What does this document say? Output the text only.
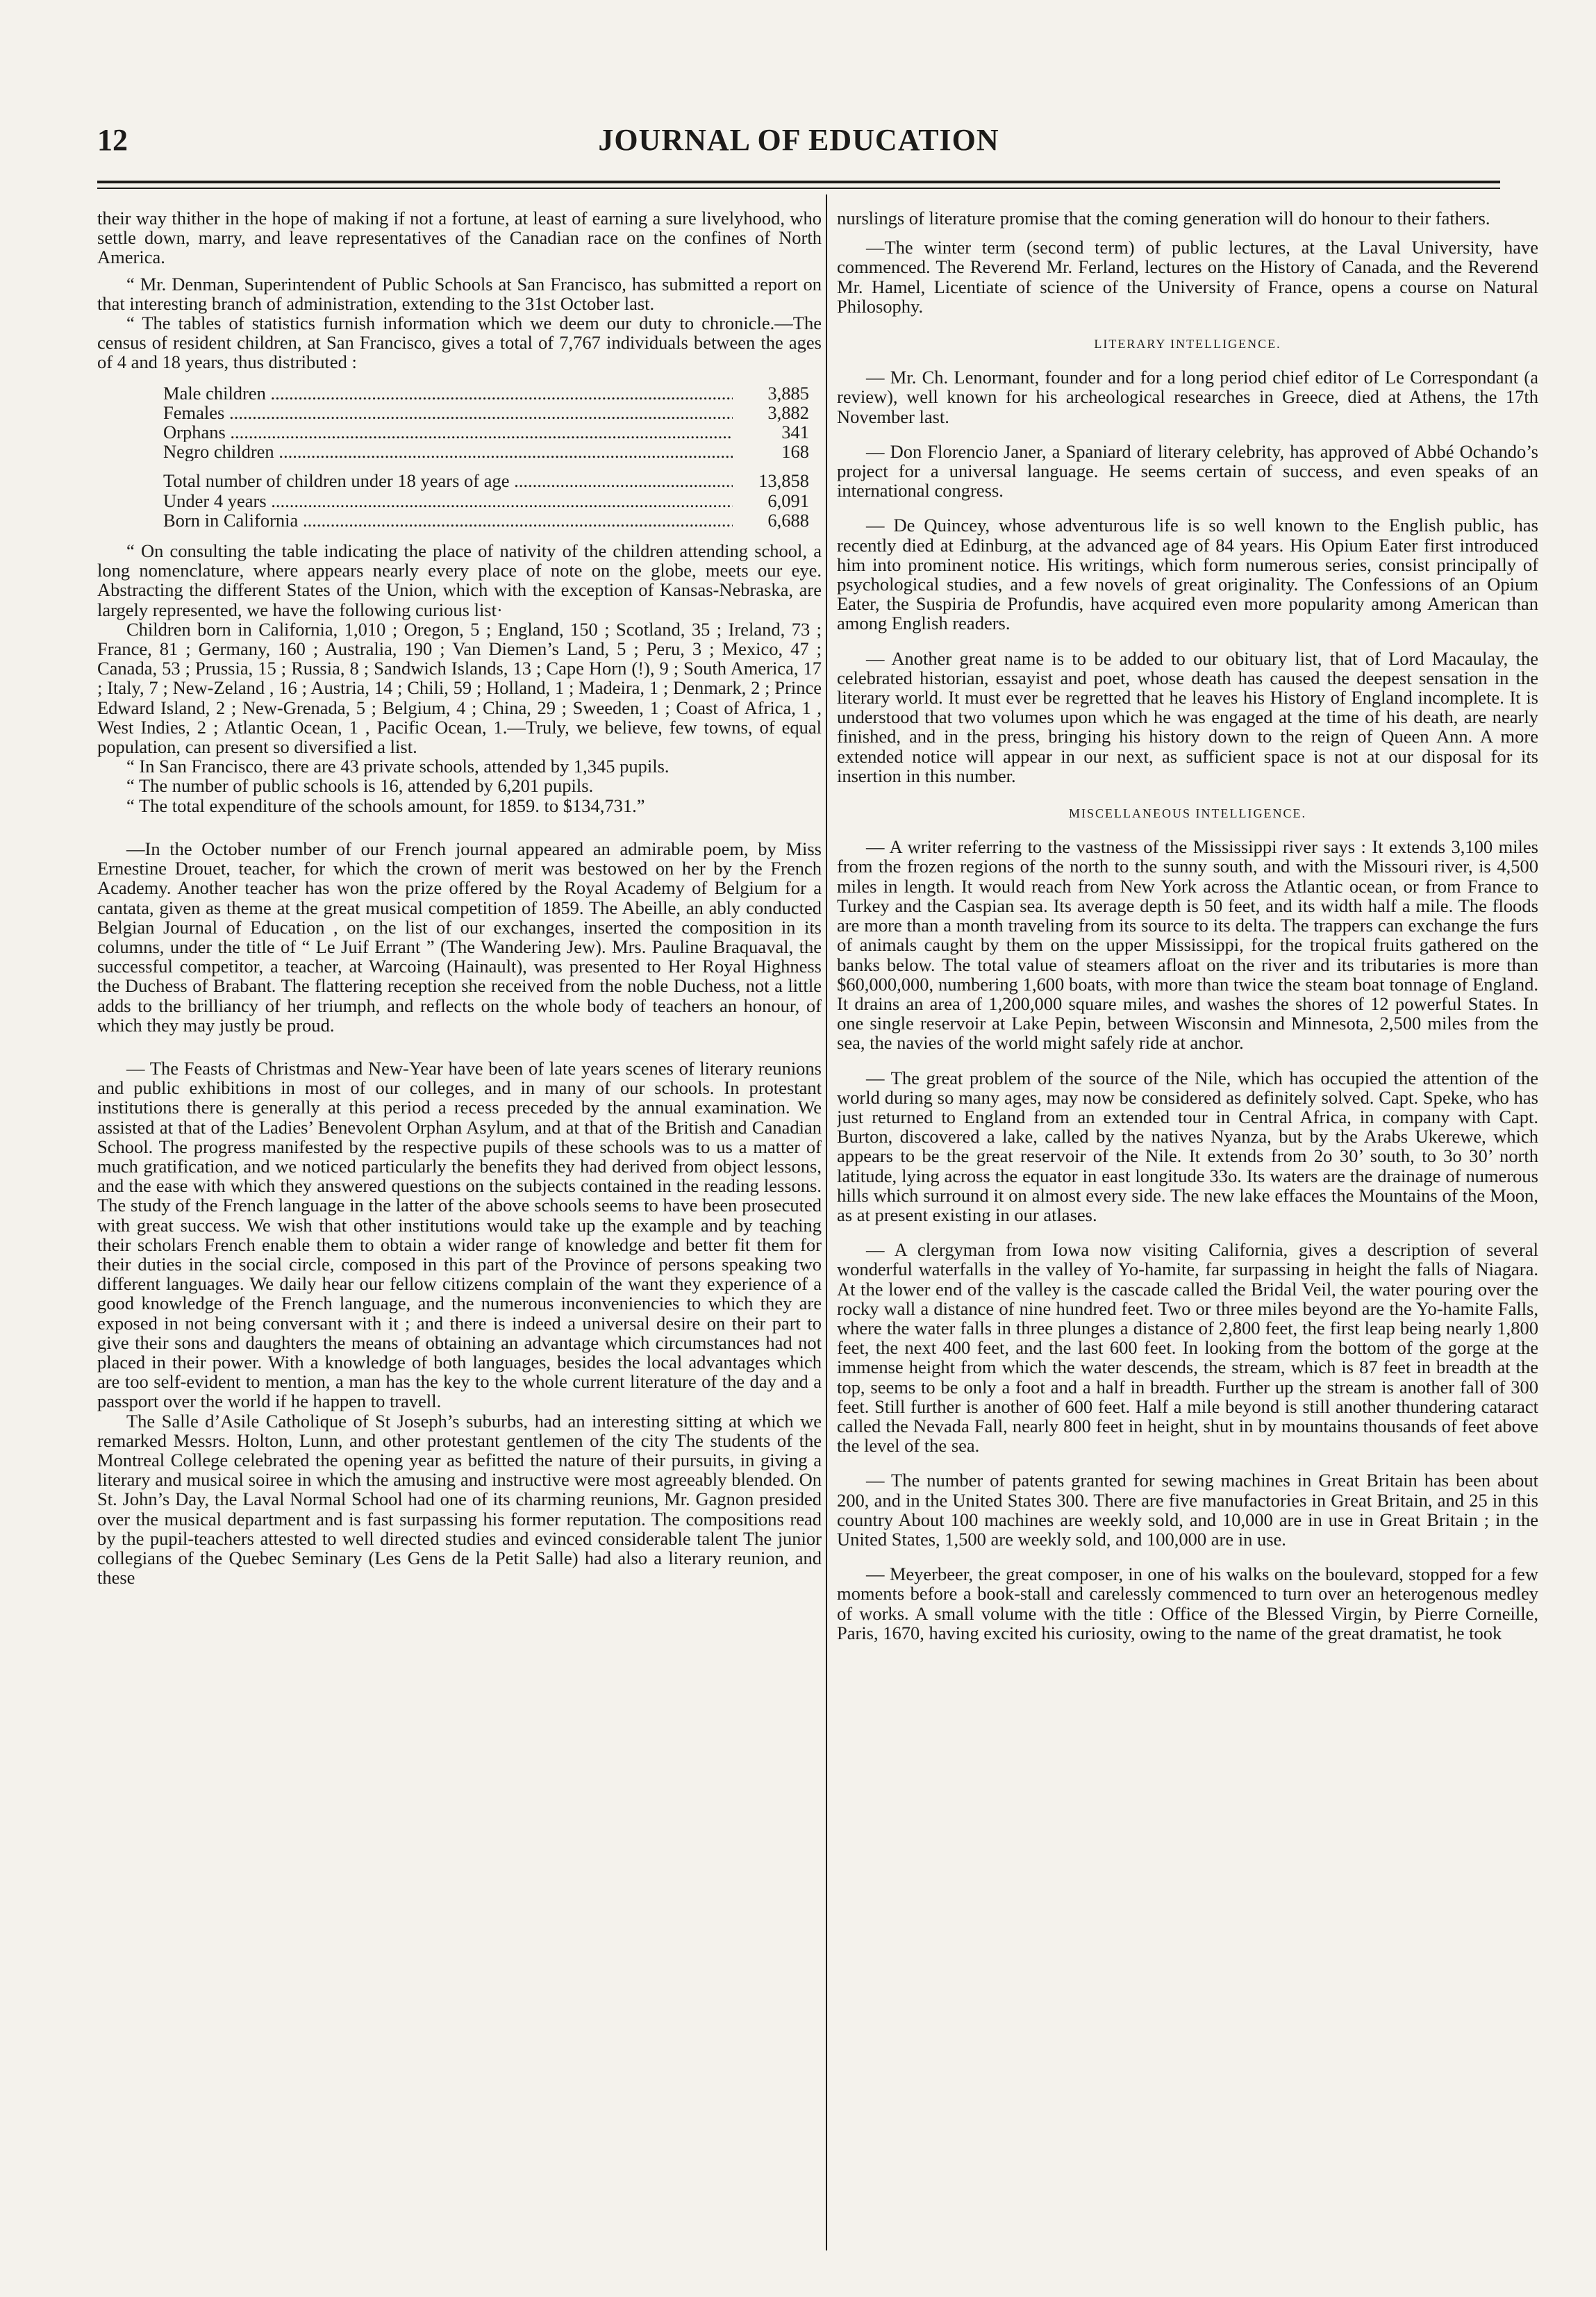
JOURNAL OF EDUCATION
12

their way thither in the hope of making if not a fortune, at least of earning a sure livelyhood, who settle down, marry, and leave representatives of the Canadian race on the confines of North America.

“ Mr. Denman, Superintendent of Public Schools at San Francisco, has submitted a report on that interesting branch of administration, extending to the 31st October last.

“ The tables of statistics furnish information which we deem our duty to chronicle.—The census of resident children, at San Francisco, gives a total of 7,767 individuals between the ages of 4 and 18 years, thus distributed :

Male children .....	3,885
Females .....	3,882
Orphans .....	341
Negro children .....	168
Total number of children under 18 years of age .....	13,858
Under 4 years .....	6,091
Born in California .....	6,688

“ On consulting the table indicating the place of nativity of the children attending school, a long nomenclature, where appears nearly every place of note on the globe, meets our eye. Abstracting the different States of the Union, which with the exception of Kansas-Nebraska, are largely represented, we have the following curious list·

Children born in California, 1,010 ; Oregon, 5 ; England, 150 ; Scotland, 35 ; Ireland, 73 ; France, 81 ; Germany, 160 ; Australia, 190 ; Van Diemen’s Land, 5 ; Peru, 3 ; Mexico, 47 ; Canada, 53 ; Prussia, 15 ; Russia, 8 ; Sandwich Islands, 13 ; Cape Horn (!), 9 ; South America, 17 ; Italy, 7 ; New-Zeland , 16 ; Austria, 14 ; Chili, 59 ; Holland, 1 ; Madeira, 1 ; Denmark, 2 ; Prince Edward Island, 2 ; New-Grenada, 5 ; Belgium, 4 ; China, 29 ; Sweeden, 1 ; Coast of Africa, 1 , West Indies, 2 ; Atlantic Ocean, 1 , Pacific Ocean, 1.—Truly, we believe, few towns, of equal population, can present so diversified a list.

“ In San Francisco, there are 43 private schools, attended by 1,345 pupils.

“ The number of public schools is 16, attended by 6,201 pupils.

“ The total expenditure of the schools amount, for 1859. to $134,731.”

—In the October number of our French journal appeared an admirable poem, by Miss Ernestine Drouet, teacher, for which the crown of merit was bestowed on her by the French Academy. Another teacher has won the prize offered by the Royal Academy of Belgium for a cantata, given as theme at the great musical competition of 1859. The Abeille, an ably conducted Belgian Journal of Education , on the list of our exchanges, inserted the composition in its columns, under the title of “ Le Juif Errant ” (The Wandering Jew). Mrs. Pauline Braquaval, the successful competitor, a teacher, at Warcoing (Hainault), was presented to Her Royal Highness the Duchess of Brabant. The flattering reception she received from the noble Duchess, not a little adds to the brilliancy of her triumph, and reflects on the whole body of teachers an honour, of which they may justly be proud.

— The Feasts of Christmas and New-Year have been of late years scenes of literary reunions and public exhibitions in most of our colleges, and in many of our schools. In protestant institutions there is generally at this period a recess preceded by the annual examination. We assisted at that of the Ladies’ Benevolent Orphan Asylum, and at that of the British and Canadian School. The progress manifested by the respective pupils of these schools was to us a matter of much gratification, and we noticed particularly the benefits they had derived from object lessons, and the ease with which they answered questions on the subjects contained in the reading lessons. The study of the French language in the latter of the above schools seems to have been prosecuted with great success. We wish that other institutions would take up the example and by teaching their scholars French enable them to obtain a wider range of knowledge and better fit them for their duties in the social circle, composed in this part of the Province of persons speaking two different languages. We daily hear our fellow citizens complain of the want they experience of a good knowledge of the French language, and the numerous inconveniencies to which they are exposed in not being conversant with it ; and there is indeed a universal desire on their part to give their sons and daughters the means of obtaining an advantage which circumstances had not placed in their power. With a knowledge of both languages, besides the local advantages which are too self-evident to mention, a man has the key to the whole current literature of the day and a passport over the world if he happen to travell.

The Salle d’Asile Catholique of St Joseph’s suburbs, had an interesting sitting at which we remarked Messrs. Holton, Lunn, and other protestant gentlemen of the city The students of the Montreal College celebrated the opening year as befitted the nature of their pursuits, in giving a literary and musical soiree in which the amusing and instructive were most agreeably blended. On St. John’s Day, the Laval Normal School had one of its charming reunions, Mr. Gagnon presided over the musical department and is fast surpassing his former reputation. The compositions read by the pupil-teachers attested to well directed studies and evinced considerable talent The junior collegians of the Quebec Seminary (Les Gens de la Petit Salle) had also a literary reunion, and these

nurslings of literature promise that the coming generation will do honour to their fathers.

—The winter term (second term) of public lectures, at the Laval University, have commenced. The Reverend Mr. Ferland, lectures on the History of Canada, and the Reverend Mr. Hamel, Licentiate of science of the University of France, opens a course on Natural Philosophy.

LITERARY INTELLIGENCE.

— Mr. Ch. Lenormant, founder and for a long period chief editor of Le Correspondant (a review), well known for his archeological researches in Greece, died at Athens, the 17th November last.

— Don Florencio Janer, a Spaniard of literary celebrity, has approved of Abbé Ochando’s project for a universal language. He seems certain of success, and even speaks of an international congress.

— De Quincey, whose adventurous life is so well known to the English public, has recently died at Edinburg, at the advanced age of 84 years. His Opium Eater first introduced him into prominent notice. His writings, which form numerous series, consist principally of psychological studies, and a few novels of great originality. The Confessions of an Opium Eater, the Suspiria de Profundis, have acquired even more popularity among American than among English readers.

— Another great name is to be added to our obituary list, that of Lord Macaulay, the celebrated historian, essayist and poet, whose death has caused the deepest sensation in the literary world. It must ever be regretted that he leaves his History of England incomplete. It is understood that two volumes upon which he was engaged at the time of his death, are nearly finished, and in the press, bringing his history down to the reign of Queen Ann. A more extended notice will appear in our next, as sufficient space is not at our disposal for its insertion in this number.

MISCELLANEOUS INTELLIGENCE.

— A writer referring to the vastness of the Mississippi river says : It extends 3,100 miles from the frozen regions of the north to the sunny south, and with the Missouri river, is 4,500 miles in length. It would reach from New York across the Atlantic ocean, or from France to Turkey and the Caspian sea. Its average depth is 50 feet, and its width half a mile. The floods are more than a month traveling from its source to its delta. The trappers can exchange the furs of animals caught by them on the upper Mississippi, for the tropical fruits gathered on the banks below. The total value of steamers afloat on the river and its tributaries is more than $60,000,000, numbering 1,600 boats, with more than twice the steam boat tonnage of England. It drains an area of 1,200,000 square miles, and washes the shores of 12 powerful States. In one single reservoir at Lake Pepin, between Wisconsin and Minnesota, 2,500 miles from the sea, the navies of the world might safely ride at anchor.

— The great problem of the source of the Nile, which has occupied the attention of the world during so many ages, may now be considered as definitely solved. Capt. Speke, who has just returned to England from an extended tour in Central Africa, in company with Capt. Burton, discovered a lake, called by the natives Nyanza, but by the Arabs Ukerewe, which appears to be the great reservoir of the Nile. It extends from 2o 30’ south, to 3o 30’ north latitude, lying across the equator in east longitude 33o. Its waters are the drainage of numerous hills which surround it on almost every side. The new lake effaces the Mountains of the Moon, as at present existing in our atlases.

— A clergyman from Iowa now visiting California, gives a description of several wonderful waterfalls in the valley of Yo-hamite, far surpassing in height the falls of Niagara. At the lower end of the valley is the cascade called the Bridal Veil, the water pouring over the rocky wall a distance of nine hundred feet. Two or three miles beyond are the Yo-hamite Falls, where the water falls in three plunges a distance of 2,800 feet, the first leap being nearly 1,800 feet, the next 400 feet, and the last 600 feet. In looking from the bottom of the gorge at the immense height from which the water descends, the stream, which is 87 feet in breadth at the top, seems to be only a foot and a half in breadth. Further up the stream is another fall of 300 feet. Still further is another of 600 feet. Half a mile beyond is still another thundering cataract called the Nevada Fall, nearly 800 feet in height, shut in by mountains thousands of feet above the level of the sea.

— The number of patents granted for sewing machines in Great Britain has been about 200, and in the United States 300. There are five manufactories in Great Britain, and 25 in this country About 100 machines are weekly sold, and 10,000 are in use in Great Britain ; in the United States, 1,500 are weekly sold, and 100,000 are in use.

— Meyerbeer, the great composer, in one of his walks on the boulevard, stopped for a few moments before a book-stall and carelessly commenced to turn over an heterogenous medley of works. A small volume with the title : Office of the Blessed Virgin, by Pierre Corneille, Paris, 1670, having excited his curiosity, owing to the name of the great dramatist, he took
